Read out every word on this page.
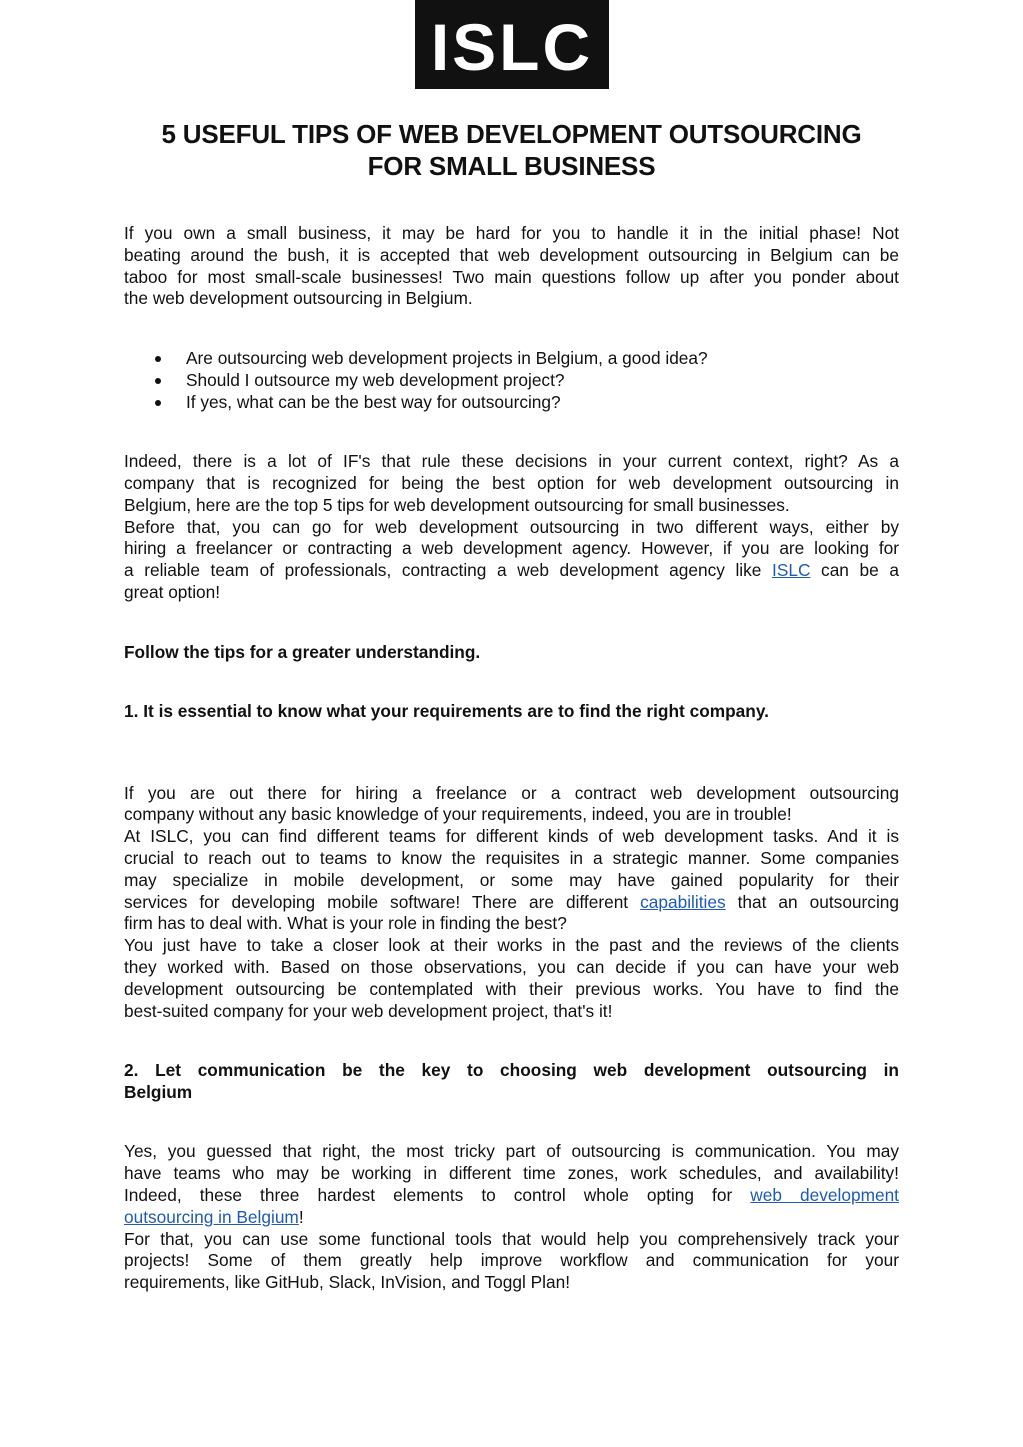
ISLC
5 USEFUL TIPS OF WEB DEVELOPMENT OUTSOURCING
FOR SMALL BUSINESS
If you own a small business, it may be hard for you to handle it in the initial phase! Not
beating around the bush, it is accepted that web development outsourcing in Belgium can be
taboo for most small-scale businesses! Two main questions follow up after you ponder about
the web development outsourcing in Belgium.
Are outsourcing web development projects in Belgium, a good idea?
Should I outsource my web development project?
If yes, what can be the best way for outsourcing?
Indeed, there is a lot of IF's that rule these decisions in your current context, right? As a
company that is recognized for being the best option for web development outsourcing in
Belgium, here are the top 5 tips for web development outsourcing for small businesses.
Before that, you can go for web development outsourcing in two different ways, either by
hiring a freelancer or contracting a web development agency. However, if you are looking for
a reliable team of professionals, contracting a web development agency like ISLC can be a
great option!
Follow the tips for a greater understanding.
1. It is essential to know what your requirements are to find the right company.
If you are out there for hiring a freelance or a contract web development outsourcing
company without any basic knowledge of your requirements, indeed, you are in trouble!
At ISLC, you can find different teams for different kinds of web development tasks. And it is
crucial to reach out to teams to know the requisites in a strategic manner. Some companies
may specialize in mobile development, or some may have gained popularity for their
services for developing mobile software! There are different capabilities that an outsourcing
firm has to deal with. What is your role in finding the best?
You just have to take a closer look at their works in the past and the reviews of the clients
they worked with. Based on those observations, you can decide if you can have your web
development outsourcing be contemplated with their previous works. You have to find the
best-suited company for your web development project, that's it!
2. Let communication be the key to choosing web development outsourcing in
Belgium
Yes, you guessed that right, the most tricky part of outsourcing is communication. You may
have teams who may be working in different time zones, work schedules, and availability!
Indeed, these three hardest elements to control whole opting for web development
outsourcing in Belgium!
For that, you can use some functional tools that would help you comprehensively track your
projects! Some of them greatly help improve workflow and communication for your
requirements, like GitHub, Slack, InVision, and Toggl Plan!
